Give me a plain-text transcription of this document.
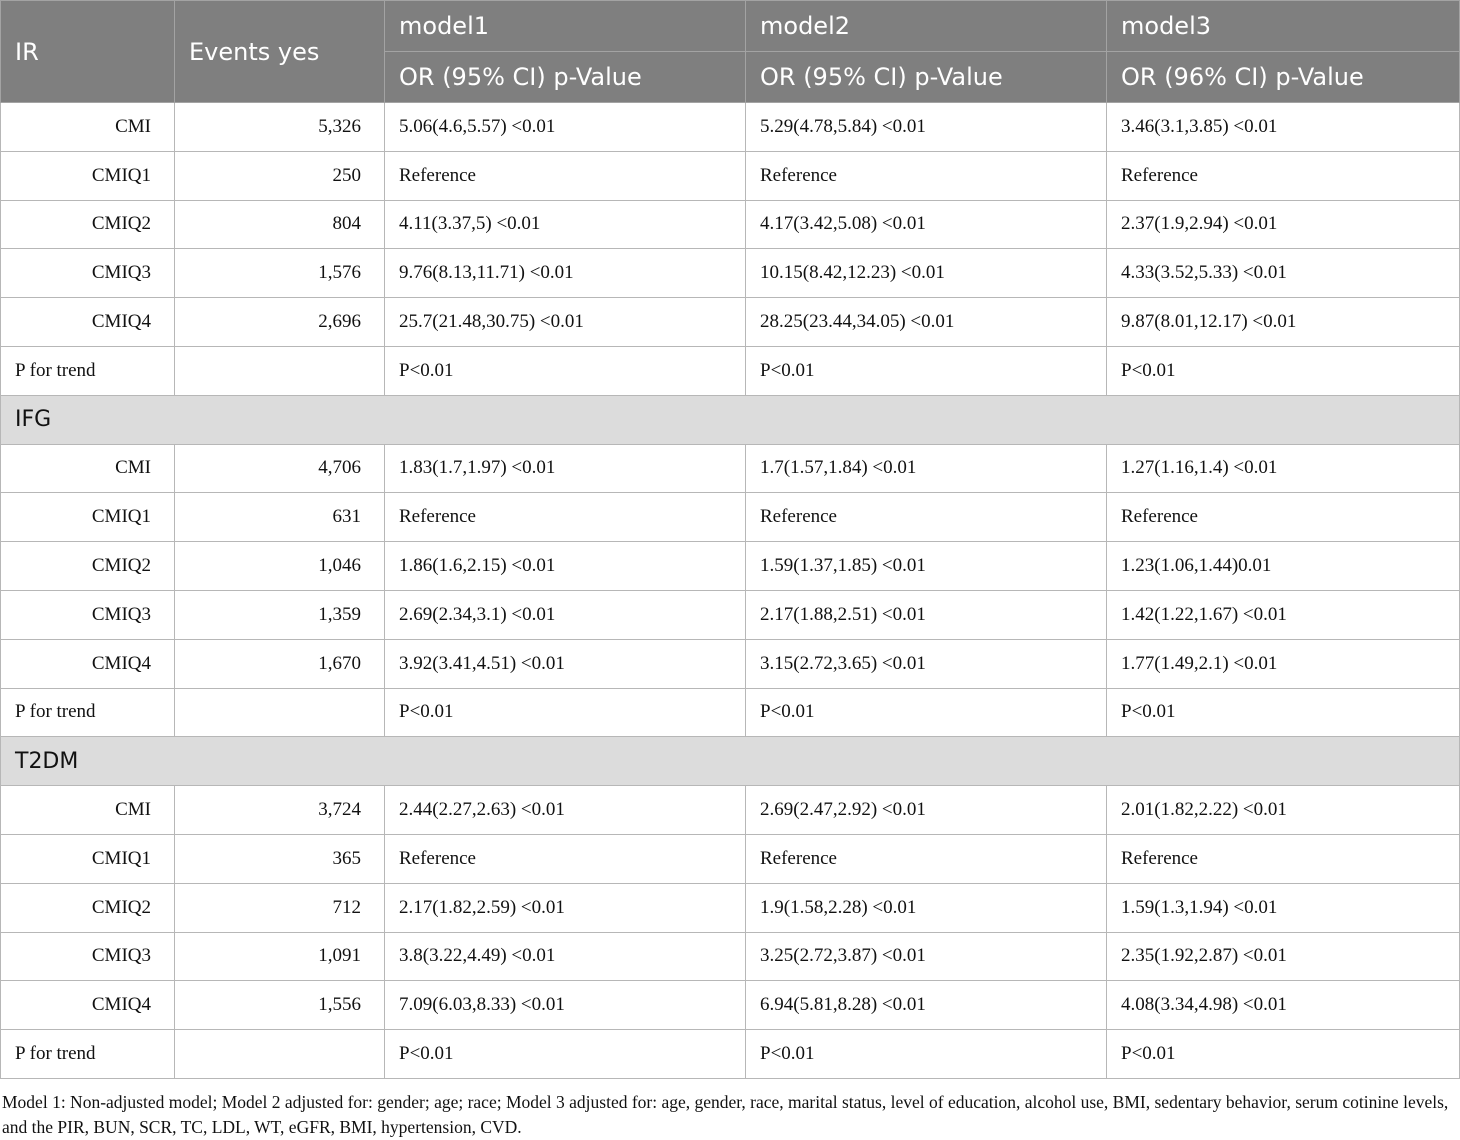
IR	Events yes	model1	model2	model3
		OR (95% CI) p-Value	OR (95% CI) p-Value	OR (96% CI) p-Value
CMI	5,326	5.06(4.6,5.57) <0.01	5.29(4.78,5.84) <0.01	3.46(3.1,3.85) <0.01
CMIQ1	250	Reference	Reference	Reference
CMIQ2	804	4.11(3.37,5) <0.01	4.17(3.42,5.08) <0.01	2.37(1.9,2.94) <0.01
CMIQ3	1,576	9.76(8.13,11.71) <0.01	10.15(8.42,12.23) <0.01	4.33(3.52,5.33) <0.01
CMIQ4	2,696	25.7(21.48,30.75) <0.01	28.25(23.44,34.05) <0.01	9.87(8.01,12.17) <0.01
P for trend		P<0.01	P<0.01	P<0.01
IFG				
CMI	4,706	1.83(1.7,1.97) <0.01	1.7(1.57,1.84) <0.01	1.27(1.16,1.4) <0.01
CMIQ1	631	Reference	Reference	Reference
CMIQ2	1,046	1.86(1.6,2.15) <0.01	1.59(1.37,1.85) <0.01	1.23(1.06,1.44)0.01
CMIQ3	1,359	2.69(2.34,3.1) <0.01	2.17(1.88,2.51) <0.01	1.42(1.22,1.67) <0.01
CMIQ4	1,670	3.92(3.41,4.51) <0.01	3.15(2.72,3.65) <0.01	1.77(1.49,2.1) <0.01
P for trend		P<0.01	P<0.01	P<0.01
T2DM				
CMI	3,724	2.44(2.27,2.63) <0.01	2.69(2.47,2.92) <0.01	2.01(1.82,2.22) <0.01
CMIQ1	365	Reference	Reference	Reference
CMIQ2	712	2.17(1.82,2.59) <0.01	1.9(1.58,2.28) <0.01	1.59(1.3,1.94) <0.01
CMIQ3	1,091	3.8(3.22,4.49) <0.01	3.25(2.72,3.87) <0.01	2.35(1.92,2.87) <0.01
CMIQ4	1,556	7.09(6.03,8.33) <0.01	6.94(5.81,8.28) <0.01	4.08(3.34,4.98) <0.01
P for trend		P<0.01	P<0.01	P<0.01
Model 1: Non-adjusted model; Model 2 adjusted for: gender; age; race; Model 3 adjusted for: age, gender, race, marital status, level of education, alcohol use, BMI, sedentary behavior, serum cotinine levels, and the PIR, BUN, SCR, TC, LDL, WT, eGFR, BMI, hypertension, CVD.
